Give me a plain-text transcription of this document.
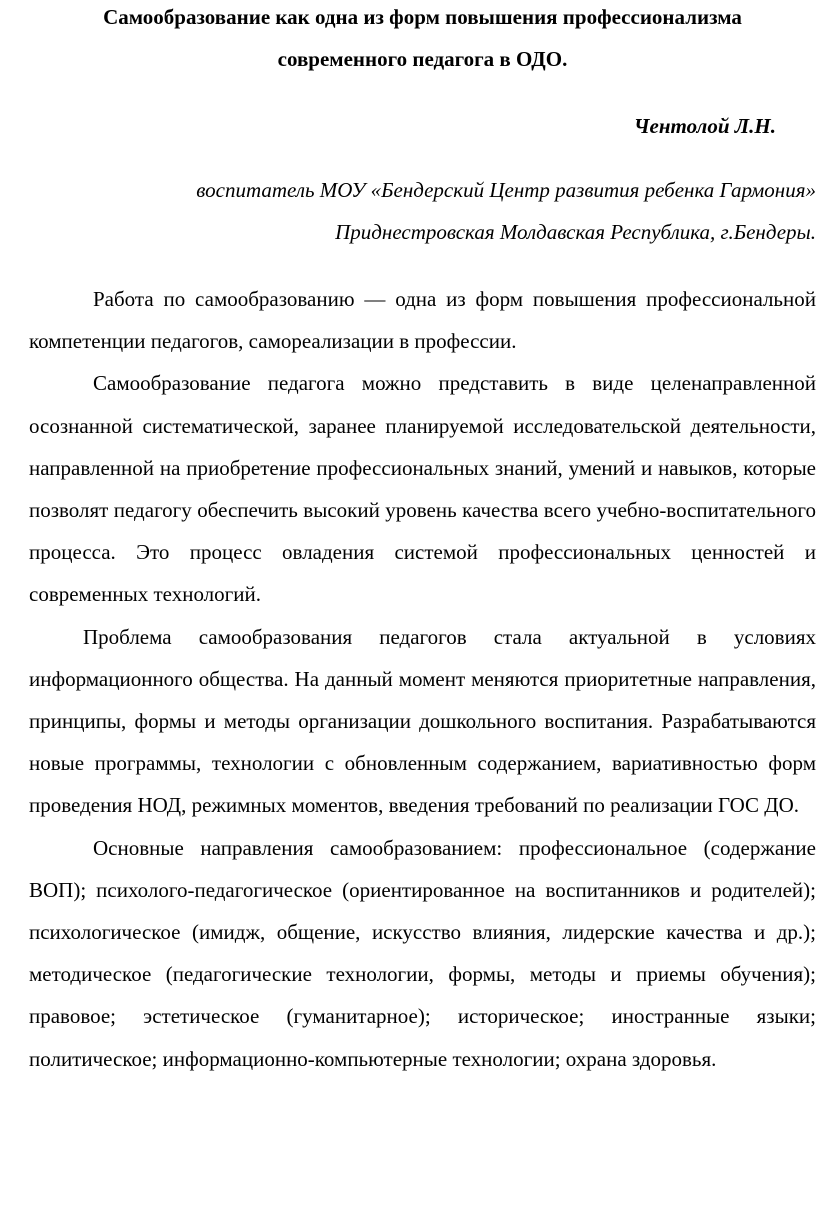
Самообразование как одна из форм повышения профессионализма
современного педагога в ОДО.

Чентолой Л.Н.

воспитатель МОУ «Бендерский Центр развития ребенка Гармония»
Приднестровская Молдавская Республика, г.Бендеры.

Работа по самообразованию — одна из форм повышения профессиональной компетенции педагогов, самореализации в профессии.

Самообразование педагога можно представить в виде целенаправленной осознанной систематической, заранее планируемой исследовательской деятельности, направленной на приобретение профессиональных знаний, умений и навыков, которые позволят педагогу обеспечить высокий уровень качества всего учебно-воспитательного процесса. Это процесс овладения системой профессиональных ценностей и современных технологий.

Проблема самообразования педагогов стала актуальной в условиях информационного общества. На данный момент меняются приоритетные направления, принципы, формы и методы организации дошкольного воспитания. Разрабатываются новые программы, технологии с обновленным содержанием, вариативностью форм проведения НОД, режимных моментов, введения требований по реализации ГОС ДО.

Основные направления самообразованием: профессиональное (содержание ВОП); психолого-педагогическое (ориентированное на воспитанников и родителей); психологическое (имидж, общение, искусство влияния, лидерские качества и др.); методическое (педагогические технологии, формы, методы и приемы обучения); правовое; эстетическое (гуманитарное); историческое; иностранные языки; политическое; информационно-компьютерные технологии; охрана здоровья.
